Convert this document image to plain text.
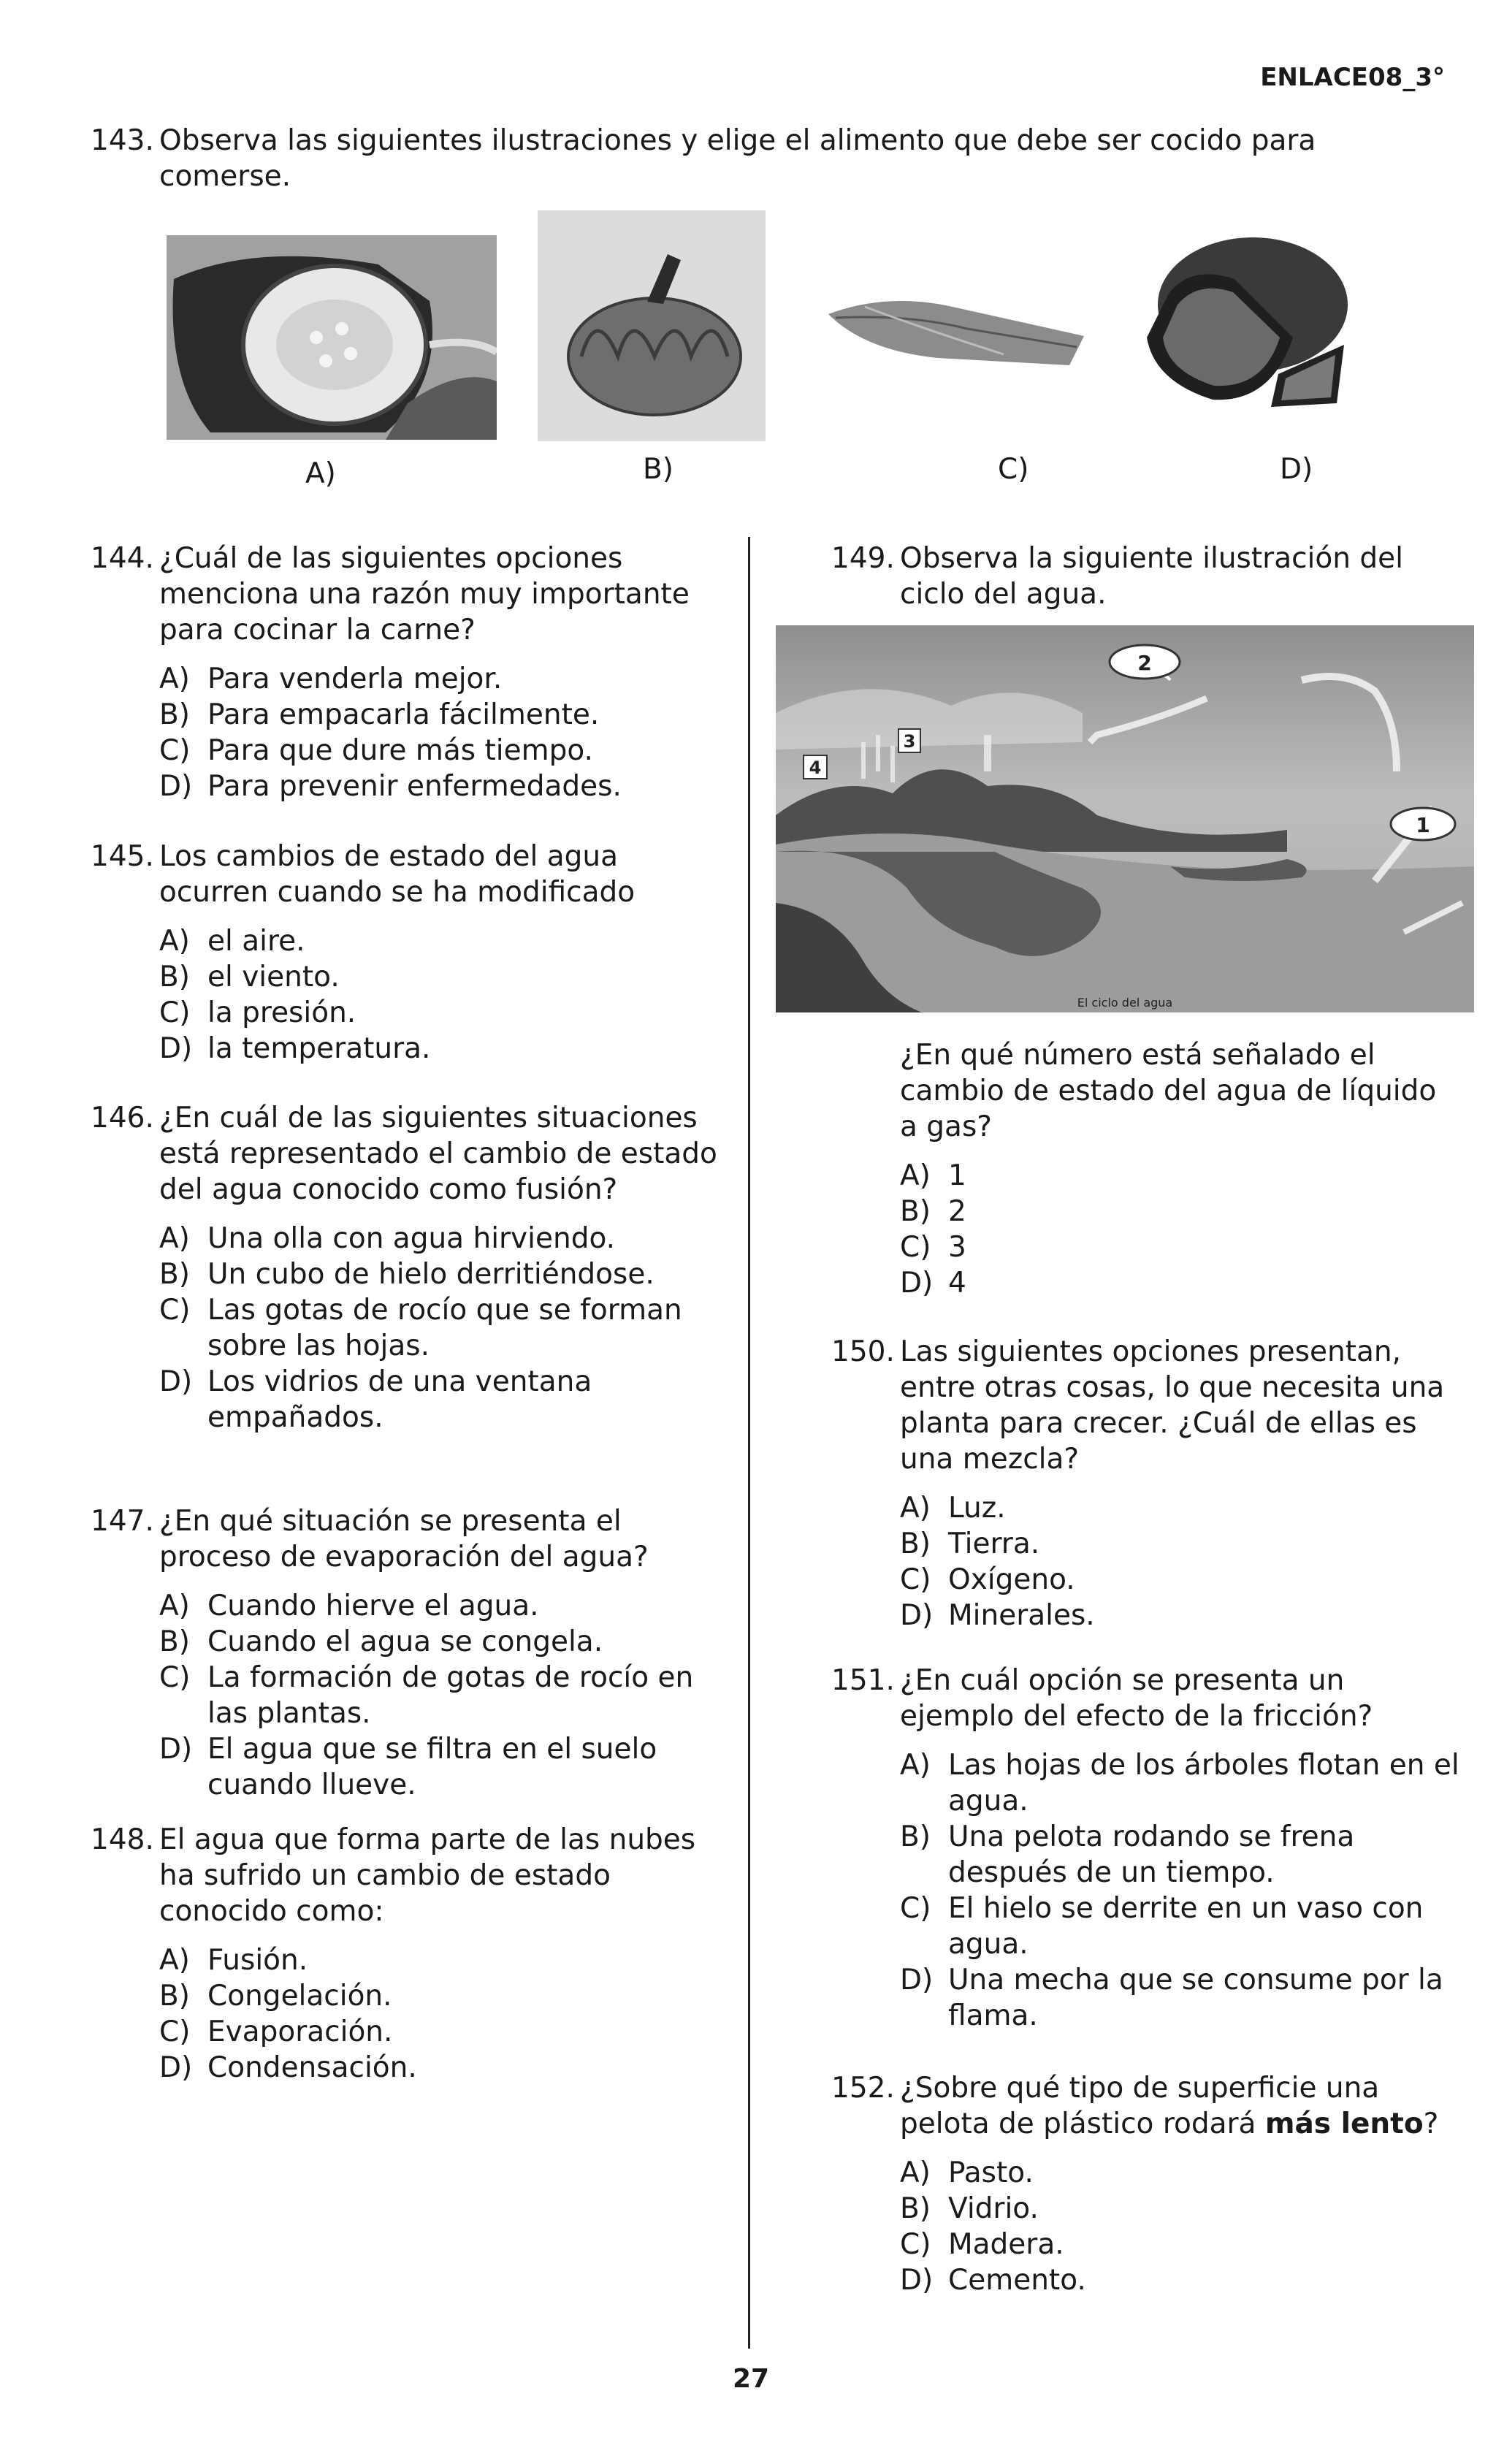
ENLACE08_3°
143. Observa las siguientes ilustraciones y elige el alimento que debe ser cocido para comerse.
A)	B)	C)	D)
144. ¿Cuál de las siguientes opciones menciona una razón muy importante para cocinar la carne?
A) Para venderla mejor.
B) Para empacarla fácilmente.
C) Para que dure más tiempo.
D) Para prevenir enfermedades.
145. Los cambios de estado del agua ocurren cuando se ha modificado
A) el aire.
B) el viento.
C) la presión.
D) la temperatura.
146. ¿En cuál de las siguientes situaciones está representado el cambio de estado del agua conocido como fusión?
A) Una olla con agua hirviendo.
B) Un cubo de hielo derritiéndose.
C) Las gotas de rocío que se forman sobre las hojas.
D) Los vidrios de una ventana empañados.
147. ¿En qué situación se presenta el proceso de evaporación del agua?
A) Cuando hierve el agua.
B) Cuando el agua se congela.
C) La formación de gotas de rocío en las plantas.
D) El agua que se filtra en el suelo cuando llueve.
148. El agua que forma parte de las nubes ha sufrido un cambio de estado conocido como:
A) Fusión.
B) Congelación.
C) Evaporación.
D) Condensación.
149. Observa la siguiente ilustración del ciclo del agua.
2
3
4
1
El ciclo del agua
¿En qué número está señalado el cambio de estado del agua de líquido a gas?
A) 1
B) 2
C) 3
D) 4
150. Las siguientes opciones presentan, entre otras cosas, lo que necesita una planta para crecer. ¿Cuál de ellas es una mezcla?
A) Luz.
B) Tierra.
C) Oxígeno.
D) Minerales.
151. ¿En cuál opción se presenta un ejemplo del efecto de la fricción?
A) Las hojas de los árboles flotan en el agua.
B) Una pelota rodando se frena después de un tiempo.
C) El hielo se derrite en un vaso con agua.
D) Una mecha que se consume por la flama.
152. ¿Sobre qué tipo de superficie una pelota de plástico rodará más lento?
A) Pasto.
B) Vidrio.
C) Madera.
D) Cemento.
27
